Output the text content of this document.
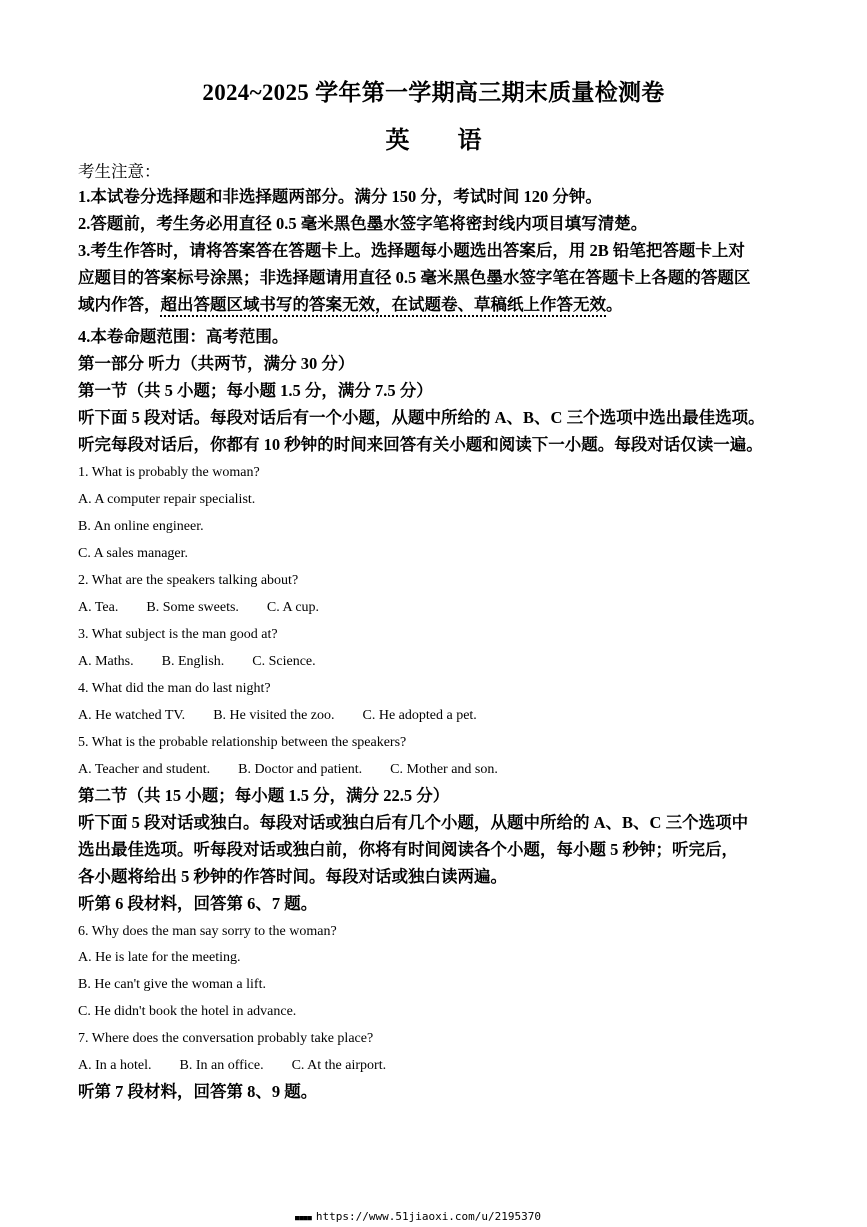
2024~2025 学年第一学期高三期末质量检测卷
英　　语
考生注意：
1.本试卷分选择题和非选择题两部分。满分 150 分，考试时间 120 分钟。
2.答题前，考生务必用直径 0.5 毫米黑色墨水签字笔将密封线内项目填写清楚。
3.考生作答时，请将答案答在答题卡上。选择题每小题选出答案后，用 2B 铅笔把答题卡上对
应题目的答案标号涂黑；非选择题请用直径 0.5 毫米黑色墨水签字笔在答题卡上各题的答题区
域内作答，超出答题区域书写的答案无效，在试题卷、草稿纸上作答无效。
4.本卷命题范围：高考范围。
第一部分 听力（共两节，满分 30 分）
第一节（共 5 小题；每小题 1.5 分，满分 7.5 分）
听下面 5 段对话。每段对话后有一个小题，从题中所给的 A、B、C 三个选项中选出最佳选项。
听完每段对话后，你都有 10 秒钟的时间来回答有关小题和阅读下一小题。每段对话仅读一遍。
1. What is probably the woman?
A. A computer repair specialist.
B. An online engineer.
C. A sales manager.
2. What are the speakers talking about?
A. Tea. B. Some sweets. C. A cup.
3. What subject is the man good at?
A. Maths. B. English. C. Science.
4. What did the man do last night?
A. He watched TV. B. He visited the zoo. C. He adopted a pet.
5. What is the probable relationship between the speakers?
A. Teacher and student. B. Doctor and patient. C. Mother and son.
第二节（共 15 小题；每小题 1.5 分，满分 22.5 分）
听下面 5 段对话或独白。每段对话或独白后有几个小题，从题中所给的 A、B、C 三个选项中
选出最佳选项。听每段对话或独白前，你将有时间阅读各个小题，每小题 5 秒钟；听完后，
各小题将给出 5 秒钟的作答时间。每段对话或独白读两遍。
听第 6 段材料，回答第 6、7 题。
6. Why does the man say sorry to the woman?
A. He is late for the meeting.
B. He can't give the woman a lift.
C. He didn't book the hotel in advance.
7. Where does the conversation probably take place?
A. In a hotel. B. In an office. C. At the airport.
听第 7 段材料，回答第 8、9 题。
■■■■ https://www.51jiaoxi.com/u/2195370
